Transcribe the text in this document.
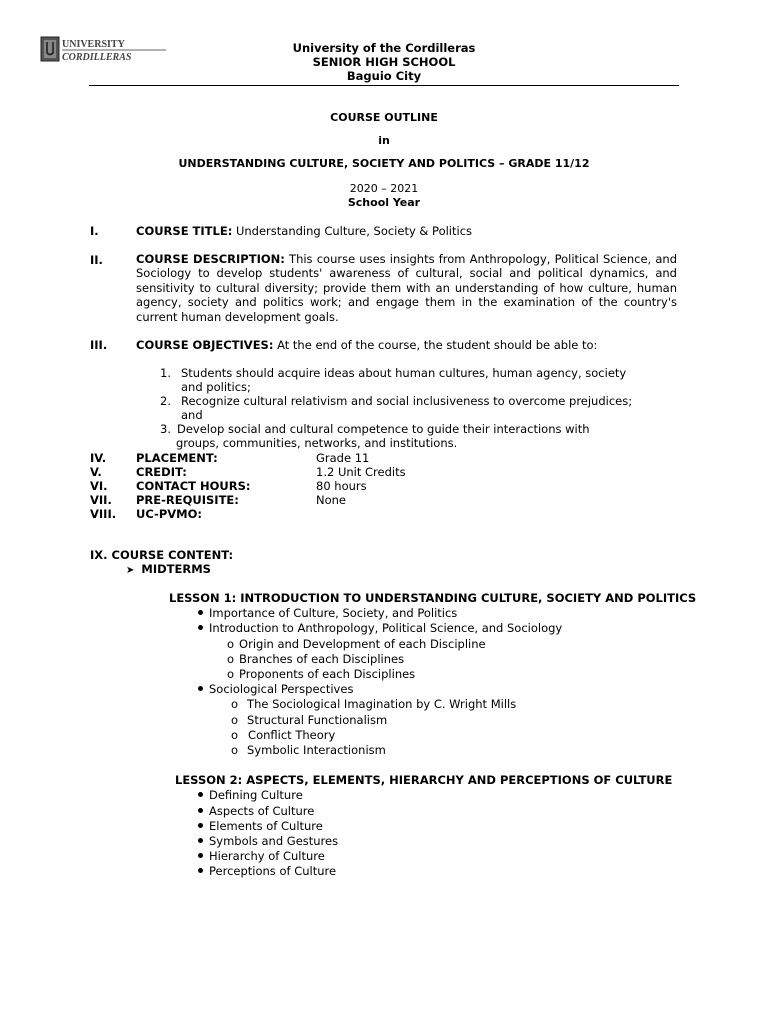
UNIVERSITY
CORDILLERAS
University of the Cordilleras
SENIOR HIGH SCHOOL
Baguio City
COURSE OUTLINE
in
UNDERSTANDING CULTURE, SOCIETY AND POLITICS – GRADE 11/12
2020 – 2021
School Year
I.	COURSE TITLE: Understanding Culture, Society & Politics
II.	COURSE DESCRIPTION: This course uses insights from Anthropology, Political Science, and Sociology to develop students' awareness of cultural, social and political dynamics, and sensitivity to cultural diversity; provide them with an understanding of how culture, human agency, society and politics work; and engage them in the examination of the country's current human development goals.
III.	COURSE OBJECTIVES: At the end of the course, the student should be able to:
1. Students should acquire ideas about human cultures, human agency, society
and politics;
2. Recognize cultural relativism and social inclusiveness to overcome prejudices;
and
3. Develop social and cultural competence to guide their interactions with
groups, communities, networks, and institutions.
IV.	PLACEMENT:	Grade 11
V.	CREDIT:	1.2 Unit Credits
VI. CONTACT HOURS:	80 hours
VII. PRE-REQUISITE:	None
VIII. UC-PVMO:
IX. COURSE CONTENT:
➤ MIDTERMS
LESSON 1: INTRODUCTION TO UNDERSTANDING CULTURE, SOCIETY AND POLITICS
Importance of Culture, Society, and Politics
Introduction to Anthropology, Political Science, and Sociology
o Origin and Development of each Discipline
o Branches of each Disciplines
o Proponents of each Disciplines
Sociological Perspectives
o The Sociological Imagination by C. Wright Mills
o Structural Functionalism
o Conflict Theory
o Symbolic Interactionism
LESSON 2: ASPECTS, ELEMENTS, HIERARCHY AND PERCEPTIONS OF CULTURE
Defining Culture
Aspects of Culture
Elements of Culture
Symbols and Gestures
Hierarchy of Culture
Perceptions of Culture
